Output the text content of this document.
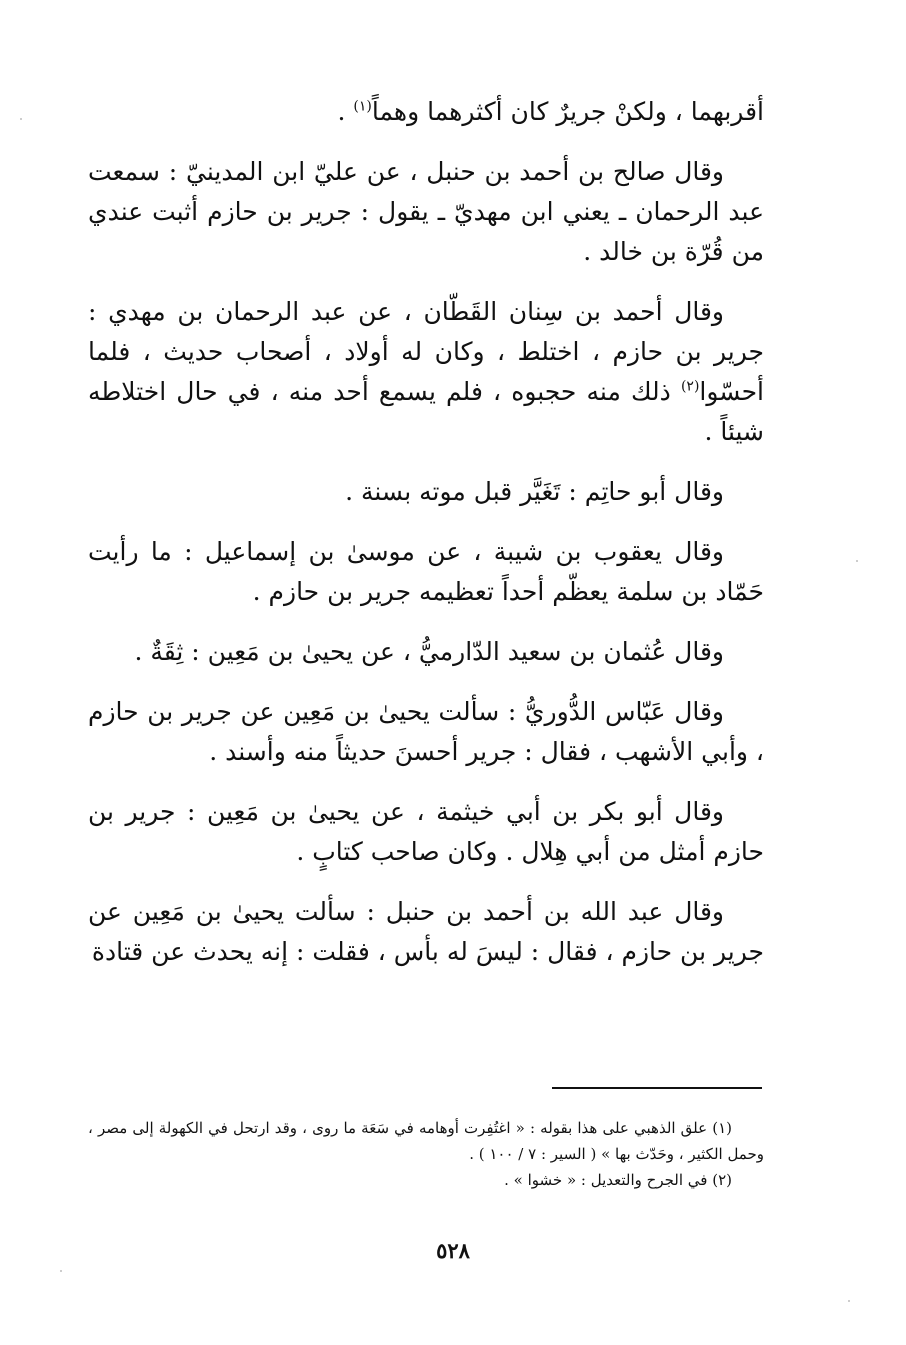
أقربهما ، ولكنْ جريرٌ كان أكثرهما وهماً$^{(١)}$ .

وقال صالح بن أحمد بن حنبل ، عن عليّ ابن المدينيّ : سمعت عبد الرحمان ـ يعني ابن مهديّ ـ يقول : جرير بن حازم أثبت عندي من قُرّة بن خالد .

وقال أحمد بن سِنان القَطّان ، عن عبد الرحمان بن مهدي : جرير بن حازم ، اختلط ، وكان له أولاد ، أصحاب حديث ، فلما أحسّوا$^{(٢)}$ ذلك منه حجبوه ، فلم يسمع أحد منه ، في حال اختلاطه شيئاً .

وقال أبو حاتِم : تَغَيَّر قبل موته بسنة .

وقال يعقوب بن شيبة ، عن موسىٰ بن إسماعيل : ما رأيت حَمّاد بن سلمة يعظّم أحداً تعظيمه جرير بن حازم .

وقال عُثمان بن سعيد الدّارميُّ ، عن يحيىٰ بن مَعِين : ثِقَةٌ .

وقال عَبّاس الدُّوريُّ : سألت يحيىٰ بن مَعِين عن جرير بن حازم ، وأبي الأشهب ، فقال : جرير أحسنَ حديثاً منه وأسند .

وقال أبو بكر بن أبي خيثمة ، عن يحيىٰ بن مَعِين : جرير بن حازم أمثل من أبي هِلال . وكان صاحب كتابٍ .

وقال عبد الله بن أحمد بن حنبل : سألت يحيىٰ بن مَعِين عن جرير بن حازم ، فقال : ليسَ له بأس ، فقلت : إنه يحدث عن قتادة

(١) علق الذهبي على هذا بقوله : « اغتُفِرت أوهامه في سَعَة ما روى ، وقد ارتحل في الكهولة إلى مصر ، وحمل الكثير ، وحَدّث بها » ( السير : ٧ / ١٠٠ ) .

(٢) في الجرح والتعديل : « خشوا » .

٥٢٨
